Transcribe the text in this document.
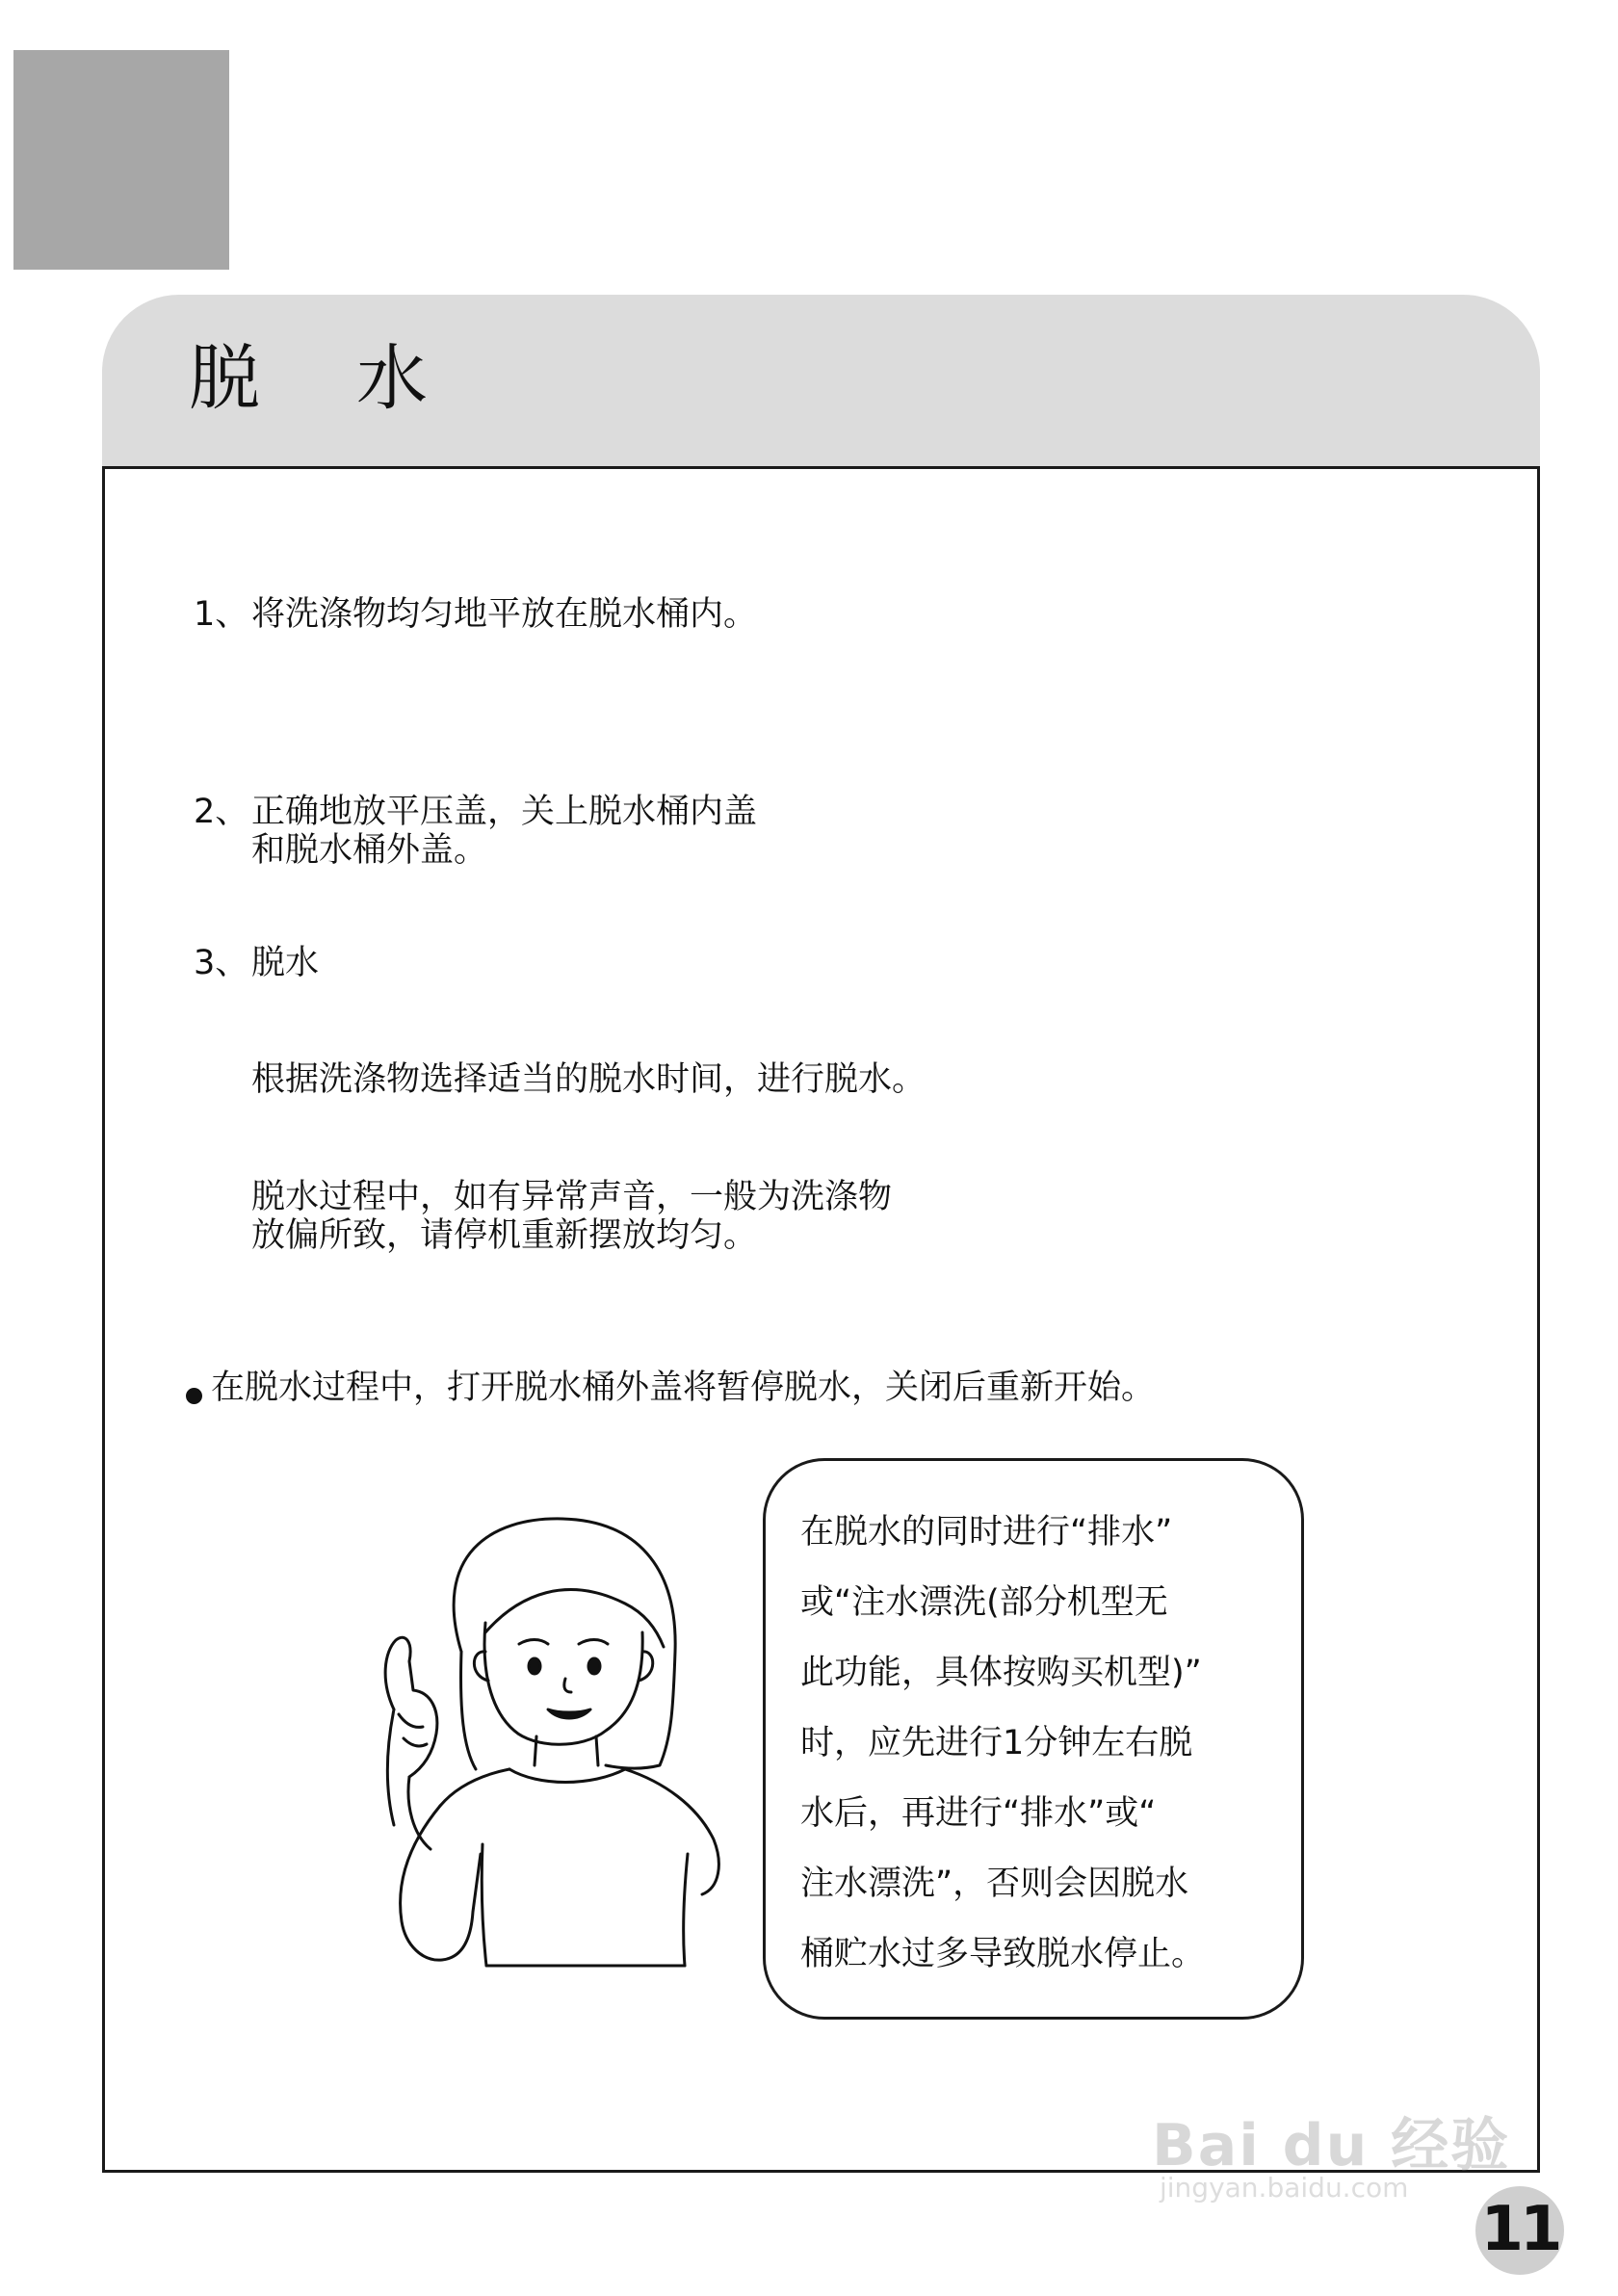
脱水
1、将洗涤物均匀地平放在脱水桶内。
2、正确地放平压盖，关上脱水桶内盖
和脱水桶外盖。
3、脱水
根据洗涤物选择适当的脱水时间，进行脱水。
脱水过程中，如有异常声音，一般为洗涤物
放偏所致，请停机重新摆放均匀。
在脱水过程中，打开脱水桶外盖将暂停脱水，关闭后重新开始。
在脱水的同时进行“排水”
或“注水漂洗(部分机型无
此功能，具体按购买机型)”
时，应先进行1分钟左右脱
水后，再进行“排水”或“
注水漂洗”，否则会因脱水
桶贮水过多导致脱水停止。
Bai du 经验
jingyan.baidu.com
11
